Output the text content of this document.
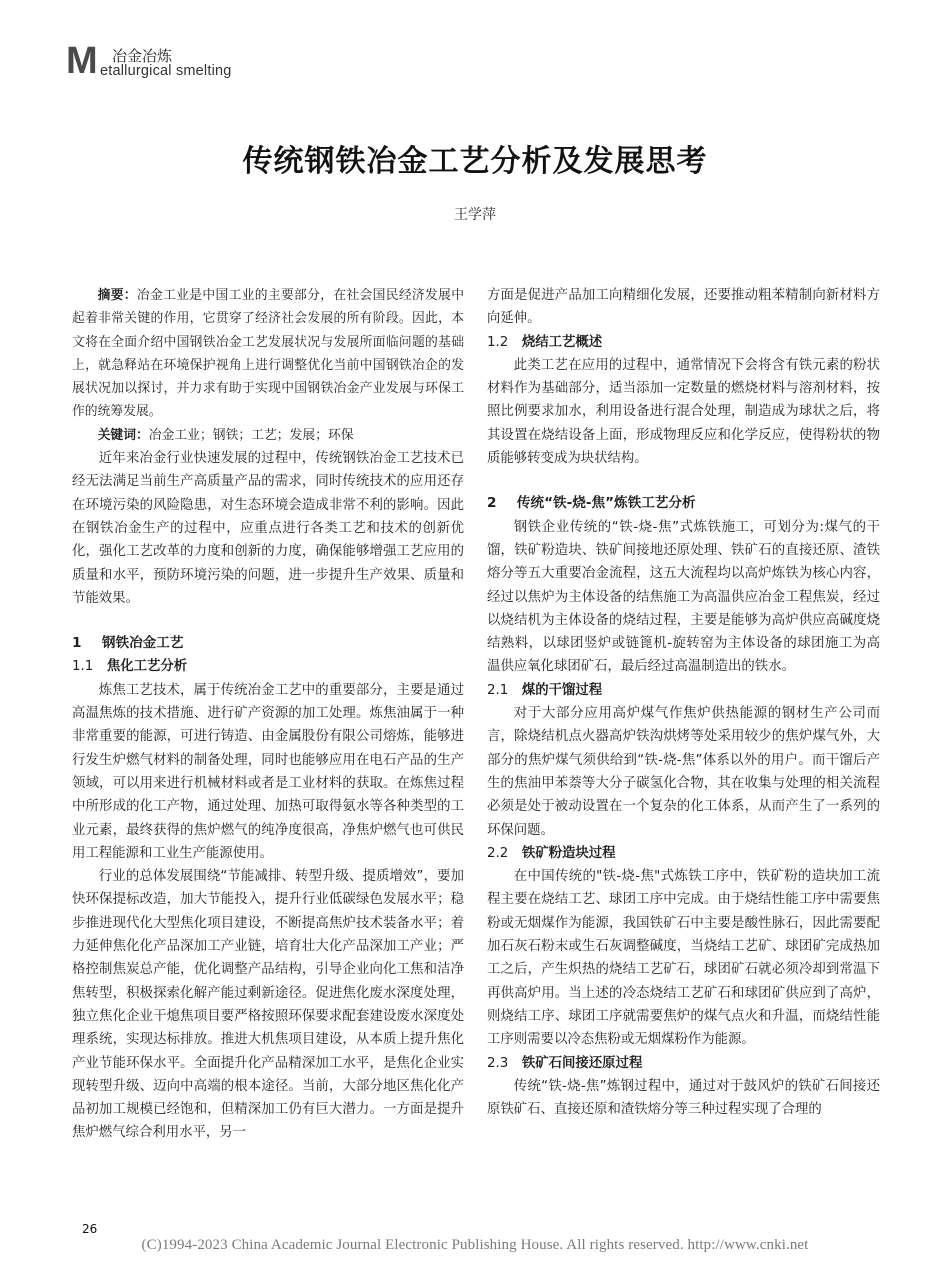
M 冶金冶炼
etallurgical smelting
传统钢铁冶金工艺分析及发展思考
王学萍

摘要：冶金工业是中国工业的主要部分，在社会国民经济发展中起着非常关键的作用，它贯穿了经济社会发展的所有阶段。因此，本文将在全面介绍中国钢铁冶金工艺发展状况与发展所面临问题的基础上，就急释站在环境保护视角上进行调整优化当前中国钢铁冶企的发展状况加以探讨，并力求有助于实现中国钢铁冶金产业发展与环保工作的统筹发展。

关键词：冶金工业；钢铁；工艺；发展；环保

近年来冶金行业快速发展的过程中，传统钢铁冶金工艺技术已经无法满足当前生产高质量产品的需求，同时传统技术的应用还存在环境污染的风险隐患，对生态环境会造成非常不利的影响。因此在钢铁冶金生产的过程中，应重点进行各类工艺和技术的创新优化，强化工艺改革的力度和创新的力度，确保能够增强工艺应用的质量和水平，预防环境污染的问题，进一步提升生产效果、质量和节能效果。

1 钢铁冶金工艺

1.1 焦化工艺分析

炼焦工艺技术，属于传统冶金工艺中的重要部分，主要是通过高温焦炼的技术措施、进行矿产资源的加工处理。炼焦油属于一种非常重要的能源，可进行铸造、由金属股份有限公司熔炼，能够进行发生炉燃气材料的制备处理，同时也能够应用在电石产品的生产领域，可以用来进行机械材料或者是工业材料的获取。在炼焦过程中所形成的化工产物，通过处理、加热可取得氨水等各种类型的工业元素，最终获得的焦炉燃气的纯净度很高，净焦炉燃气也可供民用工程能源和工业生产能源使用。

行业的总体发展围绕“节能减排、转型升级、提质增效”，要加快环保提标改造，加大节能投入，提升行业低碳绿色发展水平；稳步推进现代化大型焦化项目建设，不断提高焦炉技术装备水平；着力延伸焦化化产品深加工产业链，培育壮大化产品深加工产业；严格控制焦炭总产能，优化调整产品结构，引导企业向化工焦和洁净焦转型，积极探索化解产能过剩新途径。促进焦化废水深度处理，独立焦化企业干熄焦项目要严格按照环保要求配套建设废水深度处理系统，实现达标排放。推进大机焦项目建设，从本质上提升焦化产业节能环保水平。全面提升化产品精深加工水平，是焦化企业实现转型升级、迈向中高端的根本途径。当前，大部分地区焦化化产品初加工规模已经饱和，但精深加工仍有巨大潜力。一方面是提升焦炉燃气综合利用水平，另一

方面是促进产品加工向精细化发展，还要推动粗苯精制向新材料方向延伸。

1.2 烧结工艺概述

此类工艺在应用的过程中，通常情况下会将含有铁元素的粉状材料作为基础部分，适当添加一定数量的燃烧材料与溶剂材料，按照比例要求加水，利用设备进行混合处理，制造成为球状之后，将其设置在烧结设备上面，形成物理反应和化学反应，使得粉状的物质能够转变成为块状结构。

2 传统“铁-烧-焦”炼铁工艺分析

钢铁企业传统的“铁-烧-焦”式炼铁施工，可划分为:煤气的干馏，铁矿粉造块、铁矿间接地还原处理、铁矿石的直接还原、渣铁熔分等五大重要冶金流程，这五大流程均以高炉炼铁为核心内容，经过以焦炉为主体设备的结焦施工为高温供应冶金工程焦炭，经过以烧结机为主体设备的烧结过程，主要是能够为高炉供应高碱度烧结熟料，以球团竖炉或链篦机-旋转窑为主体设备的球团施工为高温供应氧化球团矿石，最后经过高温制造出的铁水。

2.1 煤的干馏过程

对于大部分应用高炉煤气作焦炉供热能源的钢材生产公司而言，除烧结机点火器高炉铁沟烘烤等处采用较少的焦炉煤气外，大部分的焦炉煤气须供给到“铁-烧-焦”体系以外的用户。而干馏后产生的焦油甲苯萘等大分子碳氢化合物，其在收集与处理的相关流程必须是处于被动设置在一个复杂的化工体系，从而产生了一系列的环保问题。

2.2 铁矿粉造块过程

在中国传统的"铁-烧-焦"式炼铁工序中，铁矿粉的造块加工流程主要在烧结工艺、球团工序中完成。由于烧结性能工序中需要焦粉或无烟煤作为能源，我国铁矿石中主要是酸性脉石，因此需要配加石灰石粉末或生石灰调整碱度，当烧结工艺矿、球团矿完成热加工之后，产生炽热的烧结工艺矿石，球团矿石就必须冷却到常温下再供高炉用。当上述的冷态烧结工艺矿石和球团矿供应到了高炉，则烧结工序、球团工序就需要焦炉的煤气点火和升温，而烧结性能工序则需要以冷态焦粉或无烟煤粉作为能源。

2.3 铁矿石间接还原过程

传统“铁-烧-焦”炼钢过程中，通过对于鼓风炉的铁矿石间接还原铁矿石、直接还原和渣铁熔分等三种过程实现了合理的

26
(C)1994-2023 China Academic Journal Electronic Publishing House. All rights reserved. http://www.cnki.net
